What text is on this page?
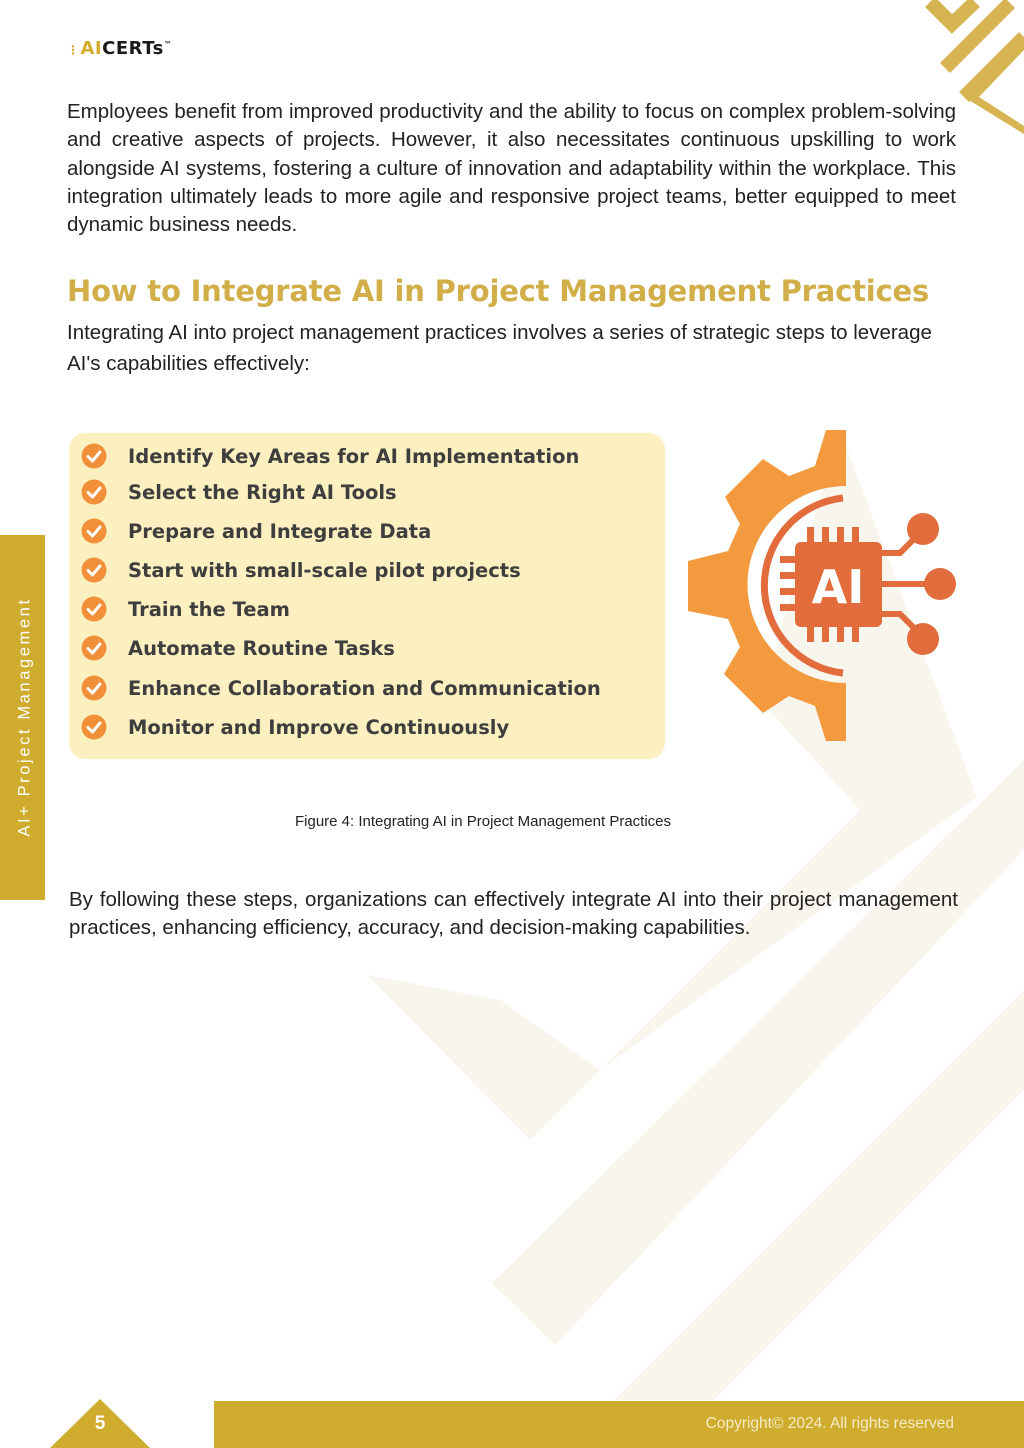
⋮AICERTs™

Employees benefit from improved productivity and the ability to focus on complex problem-solving and creative aspects of projects. However, it also necessitates continuous upskilling to work alongside AI systems, fostering a culture of innovation and adaptability within the workplace. This integration ultimately leads to more agile and responsive project teams, better equipped to meet dynamic business needs.

How to Integrate AI in Project Management Practices

Integrating AI into project management practices involves a series of strategic steps to leverage AI's capabilities effectively:

Identify Key Areas for AI Implementation
Select the Right AI Tools
Prepare and Integrate Data
Start with small-scale pilot projects
Train the Team
Automate Routine Tasks
Enhance Collaboration and Communication
Monitor and Improve Continuously
AI

Figure 4: Integrating AI in Project Management Practices

By following these steps, organizations can effectively integrate AI into their project management practices, enhancing efficiency, accuracy, and decision-making capabilities.

AI+ Project Management
5	Copyright© 2024. All rights reserved
